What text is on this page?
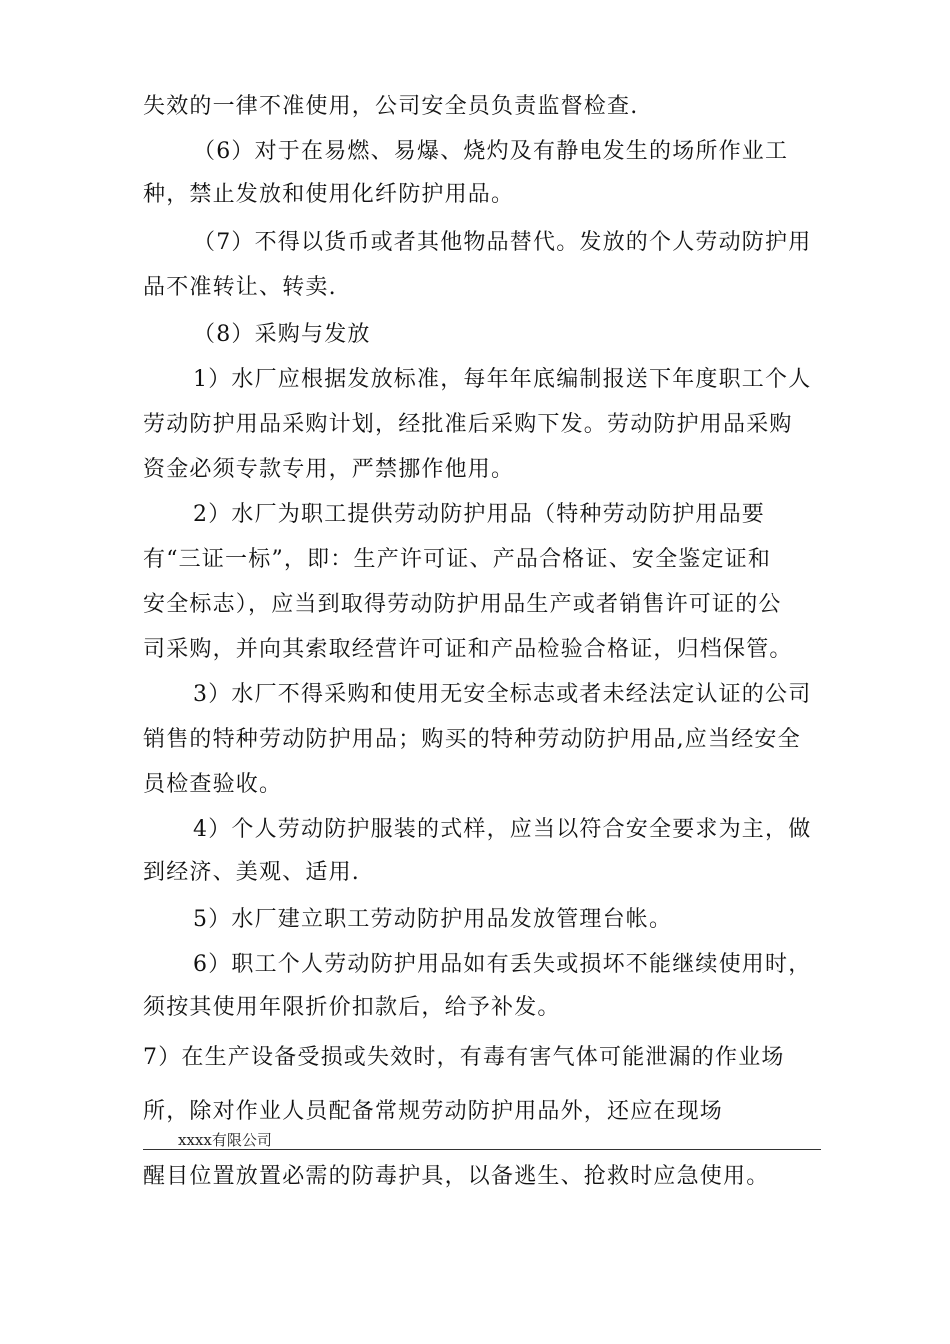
失效的一律不准使用，公司安全员负责监督检查.
（6）对于在易燃、易爆、烧灼及有静电发生的场所作业工
种，禁止发放和使用化纤防护用品。
（7）不得以货币或者其他物品替代。发放的个人劳动防护用
品不准转让、转卖.
（8）采购与发放
1）水厂应根据发放标准，每年年底编制报送下年度职工个人
劳动防护用品采购计划，经批准后采购下发。劳动防护用品采购
资金必须专款专用，严禁挪作他用。
2）水厂为职工提供劳动防护用品（特种劳动防护用品要
有“三证一标”，即：生产许可证、产品合格证、安全鉴定证和
安全标志），应当到取得劳动防护用品生产或者销售许可证的公
司采购，并向其索取经营许可证和产品检验合格证，归档保管。
3）水厂不得采购和使用无安全标志或者未经法定认证的公司
销售的特种劳动防护用品；购买的特种劳动防护用品,应当经安全
员检查验收。
4）个人劳动防护服装的式样，应当以符合安全要求为主，做
到经济、美观、适用.
5）水厂建立职工劳动防护用品发放管理台帐。
6）职工个人劳动防护用品如有丢失或损坏不能继续使用时，
须按其使用年限折价扣款后，给予补发。
7）在生产设备受损或失效时，有毒有害气体可能泄漏的作业场
所，除对作业人员配备常规劳动防护用品外，还应在现场
xxxx有限公司
醒目位置放置必需的防毒护具，以备逃生、抢救时应急使用。
